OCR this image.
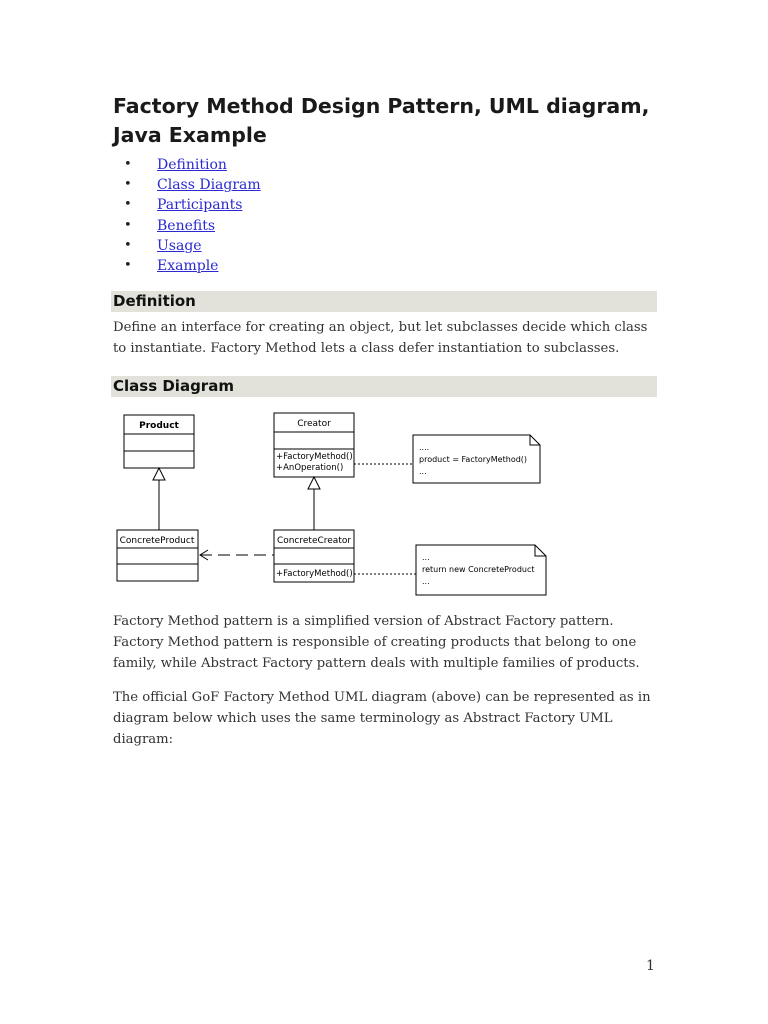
Factory Method Design Pattern, UML diagram, Java Example
• Definition
• Class Diagram
• Participants
• Benefits
• Usage
• Example
Definition

Define an interface for creating an object, but let subclasses decide which class to instantiate. Factory Method lets a class defer instantiation to subclasses.

Class Diagram
Product	Creator
+FactoryMethod()
+AnOperation()
....
product = FactoryMethod()
...
ConcreteProduct	ConcreteCreator
+FactoryMethod()
...
return new ConcreteProduct
...

Factory Method pattern is a simplified version of Abstract Factory pattern. Factory Method pattern is responsible of creating products that belong to one family, while Abstract Factory pattern deals with multiple families of products.

The official GoF Factory Method UML diagram (above) can be represented as in diagram below which uses the same terminology as Abstract Factory UML diagram:

1
